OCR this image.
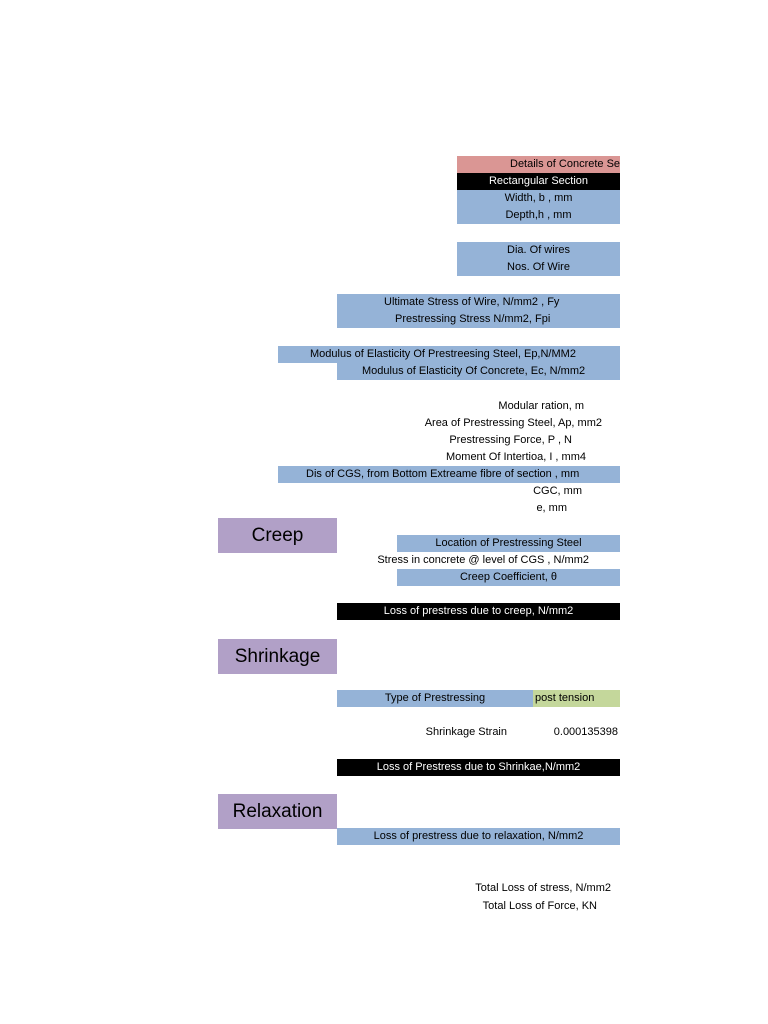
Details of Concrete Se
Rectangular Section
Width, b , mm
Depth,h , mm
Dia. Of wires
Nos. Of Wire
Ultimate Stress of Wire, N/mm2 , Fy
Prestressing Stress N/mm2, Fpi
Modulus of Elasticity Of Prestreesing Steel, Ep,N/MM2
Modulus of Elasticity Of Concrete, Ec, N/mm2
Modular ration, m
Area of Prestressing Steel, Ap, mm2
Prestressing Force, P , N
Moment Of Intertioa, I , mm4
Dis of CGS, from Bottom Extreame fibre of section , mm
CGC, mm
e, mm
Creep	Location of Prestressing Steel
Stress in concrete @ level of CGS , N/mm2
Creep Coefficient, θ
Loss of prestress due to creep, N/mm2
Shrinkage
Type of Prestressing	post tension
Shrinkage Strain	0.000135398
Loss of Prestress due to Shrinkae,N/mm2
Relaxation
Loss of prestress due to relaxation, N/mm2
Total Loss of stress, N/mm2
Total Loss of Force, KN
